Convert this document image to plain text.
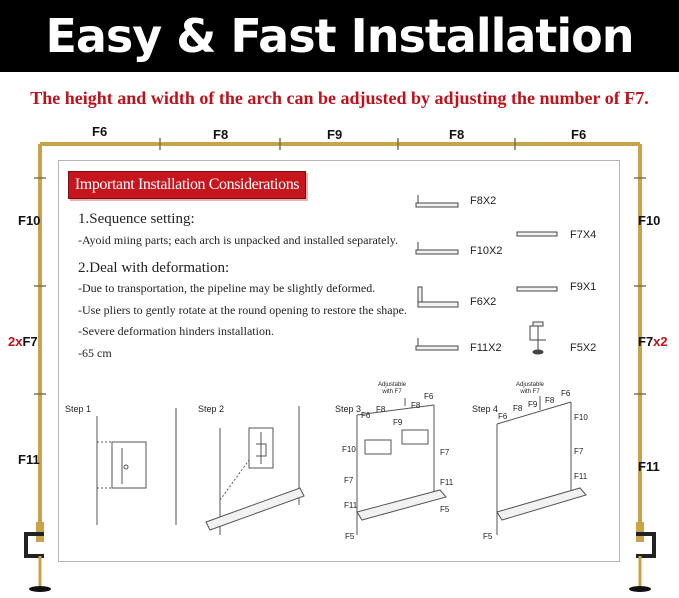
Easy & Fast Installation
The height and width of the arch can be adjusted by adjusting the number of F7.
F6	F8	F9	F8	F6
F10
2xF7
F11
F10
F7x2
F11
Important Installation Considerations
1.Sequence setting:
-Ayoid miing parts; each arch is unpacked and installed separately.
2.Deal with deformation:
-Due to transportation, the pipeline may be slightly deformed.
-Use pliers to gently rotate at the round opening to restore the shape.
-Severe deformation hinders installation.
-65 cm
F8X2
F10X2
F6X2
F11X2
F7X4
F9X1
F5X2
Step 1	Step 2	Step 3	Step 4
Adjustable
with F7
F6
F8
F9
F8
F6
F10	F7
F7	F11
F11	F5
F5
Adjustable
with F7
F6
F8 F9 F8
F6
F10
F7
F11
F5
